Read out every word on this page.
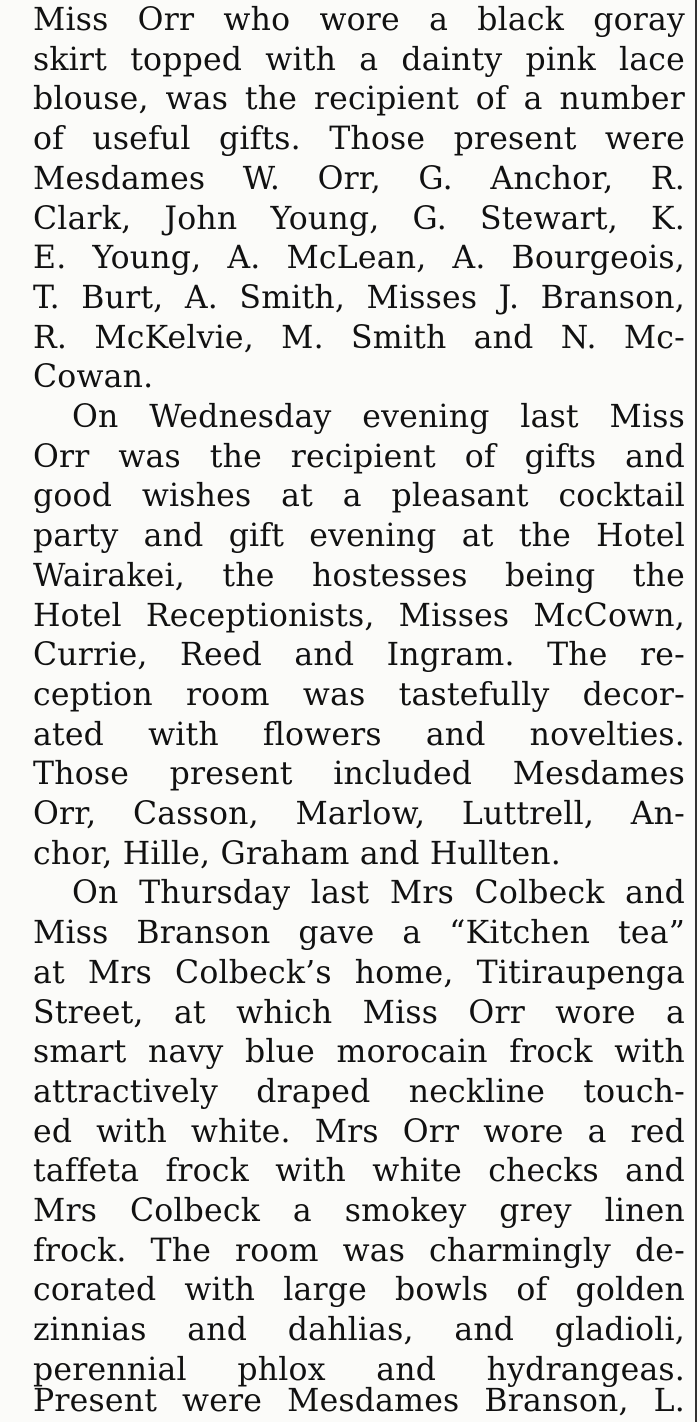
Miss Orr who wore a black goray
skirt topped with a dainty pink lace
blouse, was the recipient of a number
of useful gifts. Those present were
Mesdames W. Orr, G. Anchor, R.
Clark, John Young, G. Stewart, K.
E. Young, A. McLean, A. Bourgeois,
T. Burt, A. Smith, Misses J. Branson,
R. McKelvie, M. Smith and N. Mc-
Cowan.
On Wednesday evening last Miss
Orr was the recipient of gifts and
good wishes at a pleasant cocktail
party and gift evening at the Hotel
Wairakei, the hostesses being the
Hotel Receptionists, Misses McCown,
Currie, Reed and Ingram. The re-
ception room was tastefully decor-
ated with flowers and novelties.
Those present included Mesdames
Orr, Casson, Marlow, Luttrell, An-
chor, Hille, Graham and Hullten.
On Thursday last Mrs Colbeck and
Miss Branson gave a “Kitchen tea”
at Mrs Colbeck’s home, Titiraupenga
Street, at which Miss Orr wore a
smart navy blue morocain frock with
attractively draped neckline touch-
ed with white. Mrs Orr wore a red
taffeta frock with white checks and
Mrs Colbeck a smokey grey linen
frock. The room was charmingly de-
corated with large bowls of golden
zinnias and dahlias, and gladioli,
perennial phlox and hydrangeas.
Present were Mesdames Branson, L.
